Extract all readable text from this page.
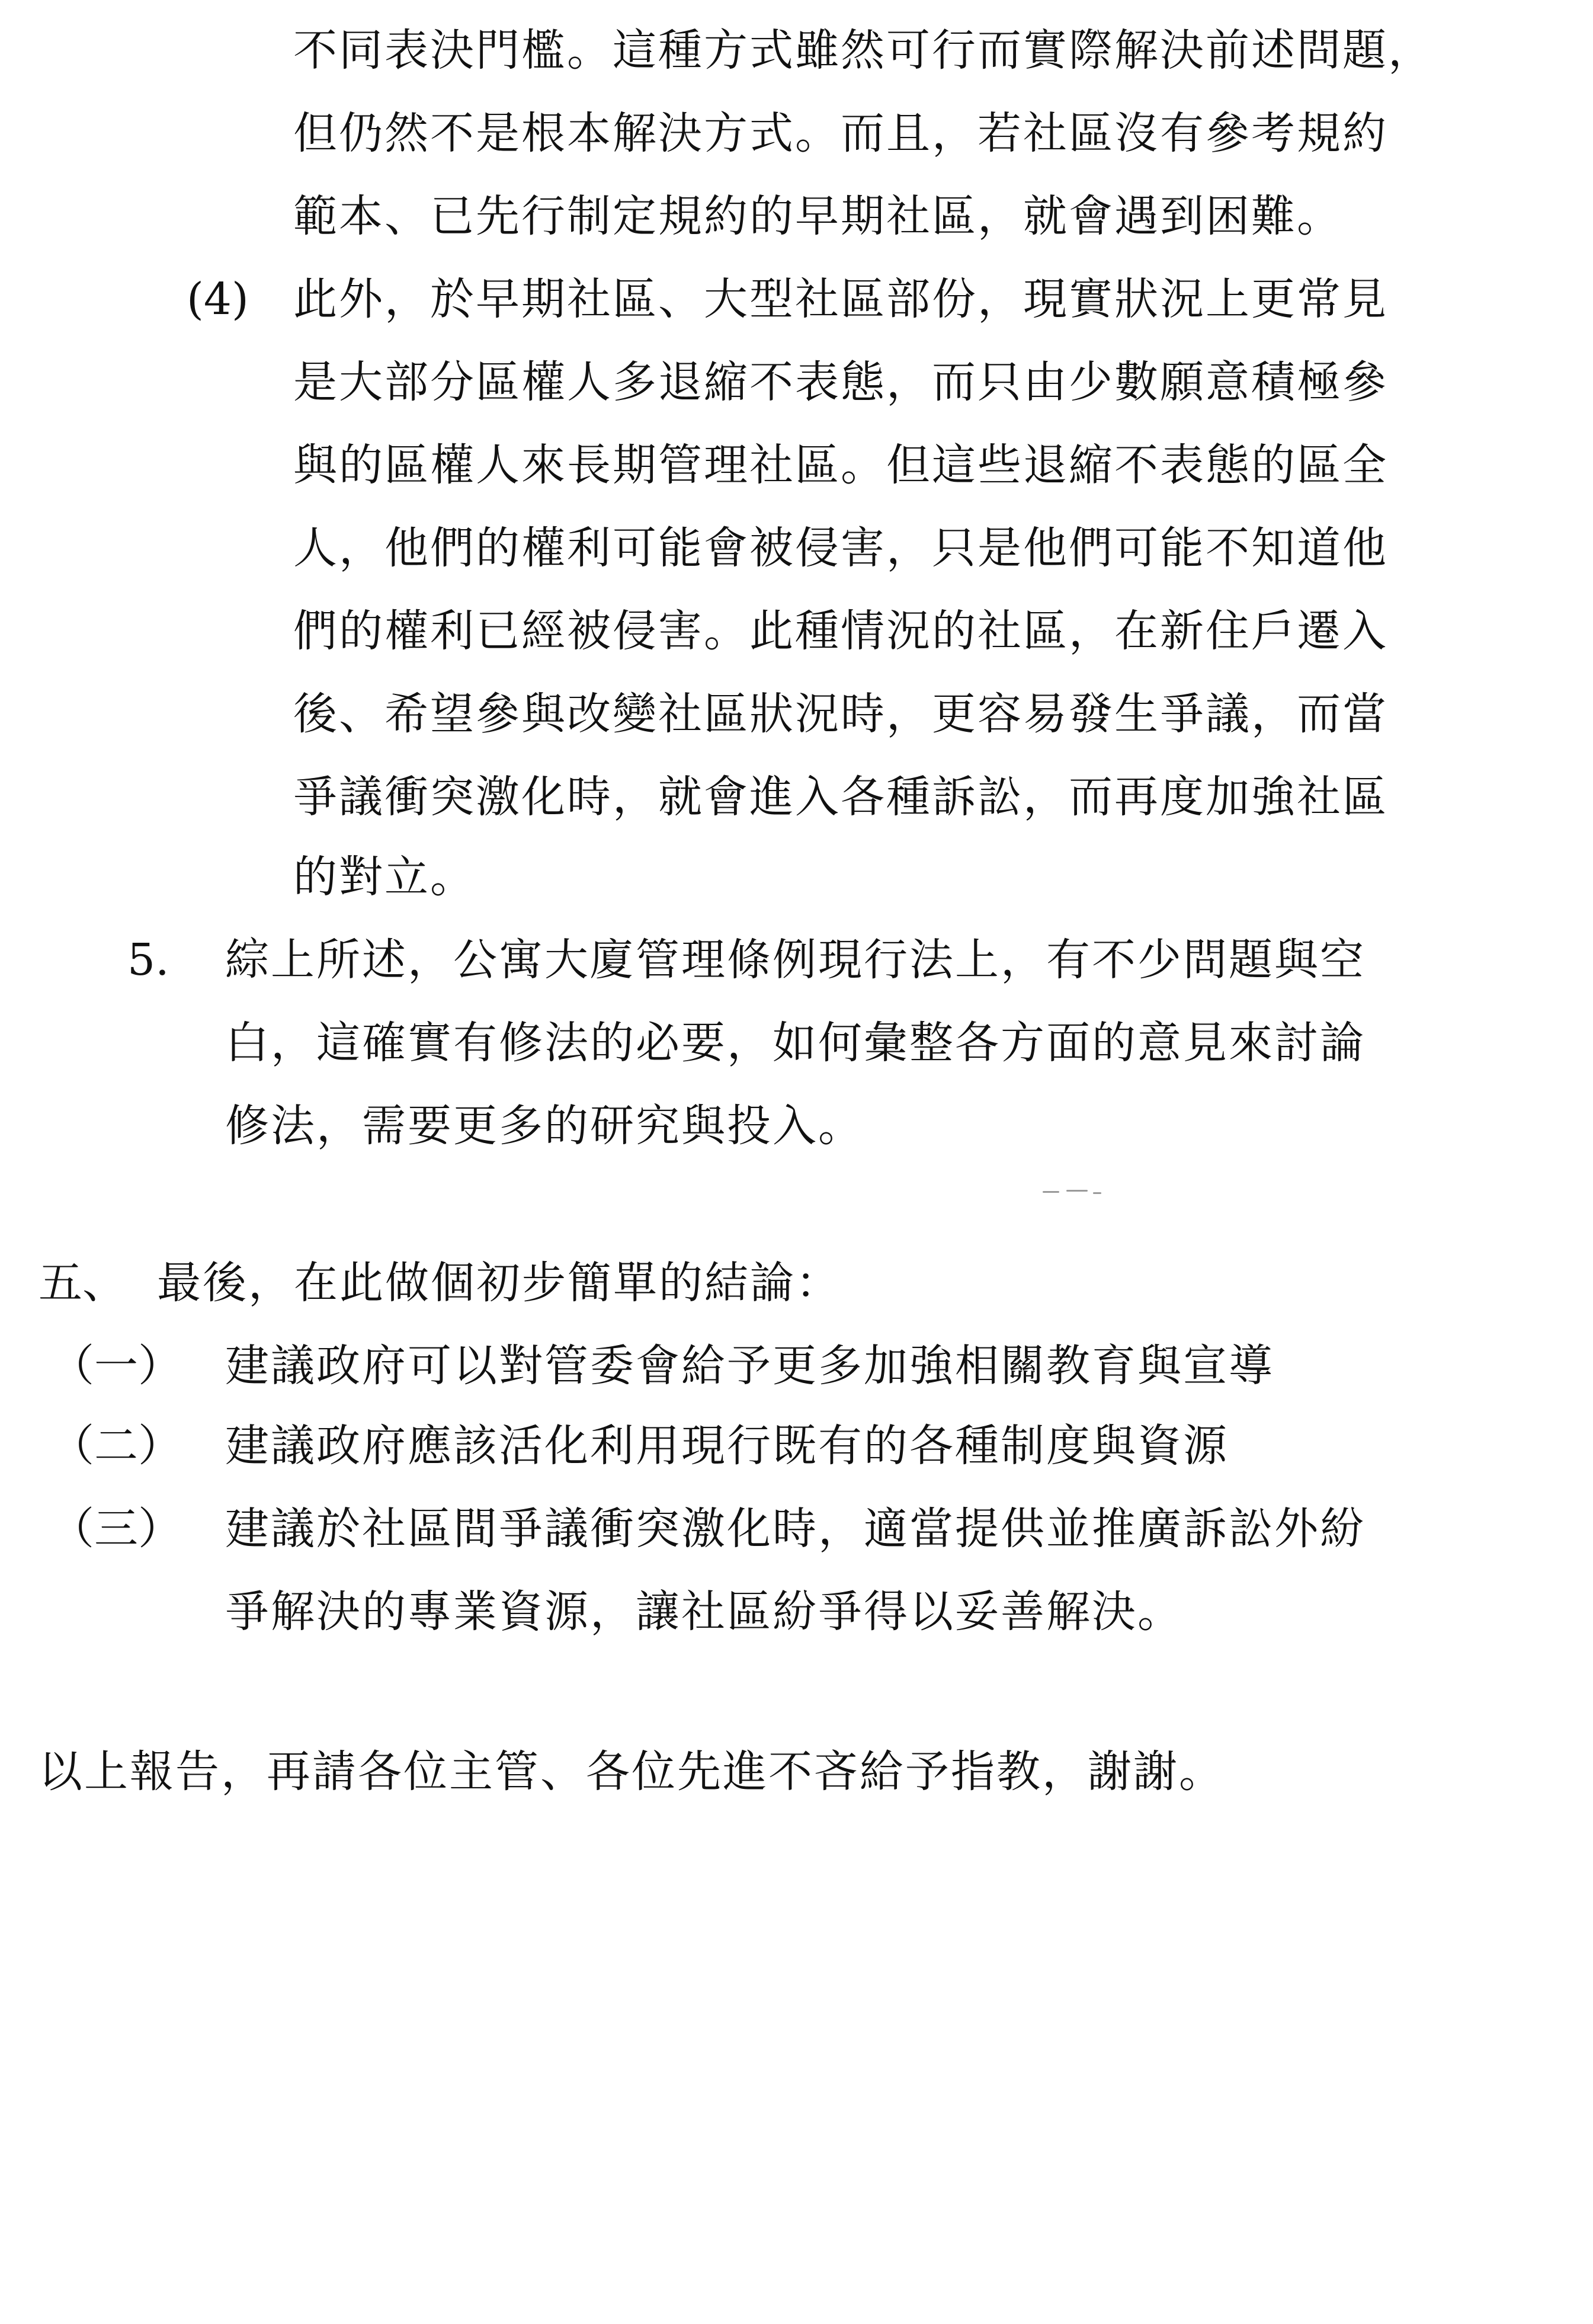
不同表決門檻。這種方式雖然可行而實際解決前述問題，
但仍然不是根本解決方式。而且，若社區沒有參考規約
範本、已先行制定規約的早期社區，就會遇到困難。
(4) 此外，於早期社區、大型社區部份，現實狀況上更常見
是大部分區權人多退縮不表態，而只由少數願意積極參
與的區權人來長期管理社區。但這些退縮不表態的區全
人，他們的權利可能會被侵害，只是他們可能不知道他
們的權利已經被侵害。此種情況的社區，在新住戶遷入
後、希望參與改變社區狀況時，更容易發生爭議，而當
爭議衝突激化時，就會進入各種訴訟，而再度加強社區
的對立。
5. 綜上所述，公寓大廈管理條例現行法上，有不少問題與空
白，這確實有修法的必要，如何彙整各方面的意見來討論
修法，需要更多的研究與投入。
五、 最後，在此做個初步簡單的結論：
（一） 建議政府可以對管委會給予更多加強相關教育與宣導
（二） 建議政府應該活化利用現行既有的各種制度與資源
（三） 建議於社區間爭議衝突激化時，適當提供並推廣訴訟外紛
爭解決的專業資源，讓社區紛爭得以妥善解決。
以上報告，再請各位主管、各位先進不吝給予指教，謝謝。
